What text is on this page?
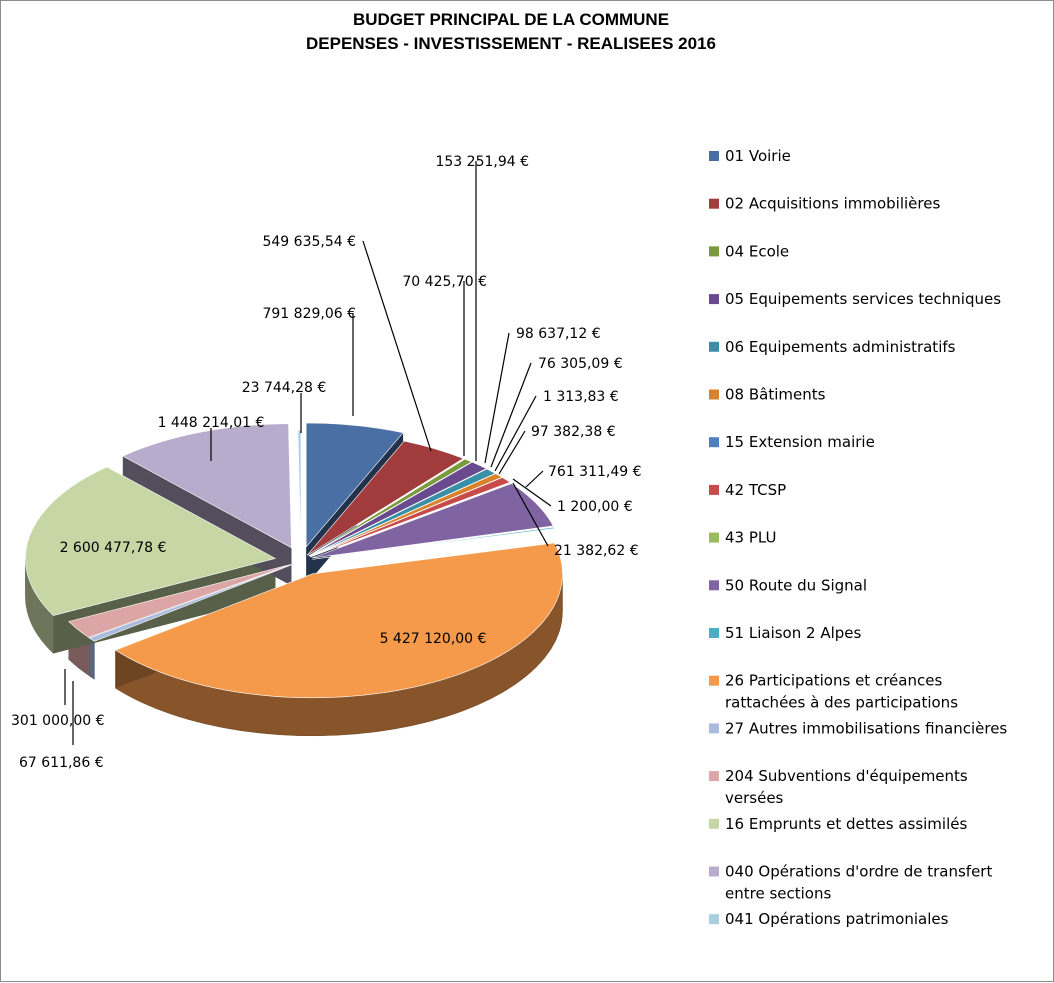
BUDGET PRINCIPAL DE LA COMMUNE
DEPENSES - INVESTISSEMENT - REALISEES 2016
791 829,06 €
549 635,54 €
70 425,70 €
153 251,94 €
98 637,12 €
76 305,09 €
1 313,83 €
97 382,38 €
1 200,00 €
761 311,49 €
21 382,62 €
5 427 120,00 €
67 611,86 €
301 000,00 €
2 600 477,78 €
1 448 214,01 €
23 744,28 €
01 Voirie
02 Acquisitions immobilières
04 Ecole
05 Equipements services techniques
06 Equipements administratifs
08 Bâtiments
15 Extension mairie
42 TCSP
43 PLU
50 Route du Signal
51 Liaison 2 Alpes
26 Participations et créances
rattachées à des participations
27 Autres immobilisations financières
204 Subventions d'équipements
versées
16 Emprunts et dettes assimilés
040 Opérations d'ordre de transfert
entre sections
041 Opérations patrimoniales
